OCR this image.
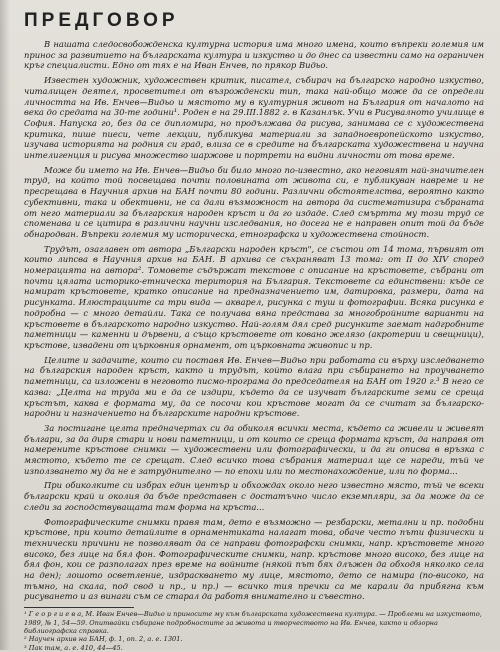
ПРЕДГОВОР

В нашата следосвобожденска културна история има много имена, които въпреки големия им принос за развитието на българската култура и изкуство и до днес са известни само на ограничен кръг специалисти. Едно от тях е на Иван Енчев, по прякор Видьо.

Известен художник, художествен критик, писател, събирач на българско народно изкуство, читалищен деятел, просветител от възрожденски тип, така най-общо може да се определи личността на Ив. Енчев—Видьо и мястото му в културния живот на България от началото на века до средата на 30-те години¹. Роден е на 29.III.1882 г. в Казанлък. Учи в Рисувалното училище в София. Напуска го, без да се дипломира, но продължава да рисува, занимава се с художествена критика, пише пиеси, чете лекции, публикува материали за западноевропейското изкуство, изучава историята на родния си град, влиза се в средите на българската художествена и научна интелигенция и рисува множество шаржове и портрети на видни личности от това време.

Може би името на Ив. Енчев—Видьо би било много по-известно, ако неговият най-значителен труд, на който той посвещава почти половината от живота си, е публикуван навреме и не пресрещава в Научния архив на БАН почти 80 години. Различни обстоятелства, вероятно както субективни, така и обективни, не са дали възможност на автора да систематизира събраната от него материали за българския народен кръст и да го издаде. След смъртта му този труд се споменава и се цитира в различни научни изследвания, но досега не е направен опит той да бъде обнародван. Въпреки големия му историческа, етнографска и художествена стойност.

Трудът, озаглавен от автора „Български народен кръст", се състои от 14 тома, първият от които липсва в Научния архив на БАН. В архива се съхраняват 13 тома: от II до XIV според номерацията на автора². Томовете съдържат текстове с описание на кръстовете, събрани от почти цялата историко-етническа територия на България. Текстовете са единствени: къде се намират кръстовете, кратко описание на предназначението им, датировка, размери, дата на рисунката. Илюстрациите са три вида — акварел, рисунка с туш и фотографии. Всяка рисунка е подробна — с много детайли. Така се получава вяна представа за многобройните варианти на кръстовете в българското народно изкуство. Най-голям дял сред рисунките заемат надгробните паметници — каменни и дървени, а също кръстовете от ковано желязо (акротерии и свещници), кръстове, извадени от църковния орнамент, от църковната живопис и пр.

Целите и задачите, които си поставя Ив. Енчев—Видьо при работата си върху изследването на българския народен кръст, както и трудът, който влага при събирането на проучването паметници, са изложени в неговото писмо-програма до председателя на БАН от 1920 г.³ В него се казва: „Целта на труда ми е да се издири, където да се изучват българските земи се среща кръстът, каква е формата му, да се посочи кои кръстове могат да се считат за българско-народни и назначението на българските народни кръстове.

За постигане целта предначертах си да обиколя всички места, където са живели и живеят българи, за да диря стари и нови паметници, и от които се среща формата кръст, да направя от намерените кръстове снимки — художествени или фотографически, и да ги описва в връзка с мястото, където те се срещат. След всичко това събрания материал ще се нареди, тъй че използването му да не е затруднително — по епохи или по местонахождение, или по форма...

При обиколките си избрах един център и обхождах около него известно място, тъй че всеки български край и околия да бъде представен с достатъчно число екземпляри, за да може да се следи за господствуващата там форма на кръста...

Фотографическите снимки правя там, дето е възможно — резбарски, метални и пр. подобни кръстове, при които детайлите в орнаментиката налагат това, обаче често пъти физически и технически причини не позволяват да се направи фотографски снимки, напр. кръстовете много високо, без лице на бял фон. Фотографическите снимки, напр. кръстове много високо, без лице на бял фон, кои се разполагах през време на войните (някой път бях длъжен да обходя няколко села на ден); лошото осветление, издраскването му лице, мястото, дето се намира (по-високо, на тъмно, на скала, под свод и пр., и пр.) — всичко тия пречки са ме карали да прибягна към рисуването и аз винаги съм се старал да работя внимателно и съвестно.

¹ Г е о р г и е в а, М. Иван Енчев—Видьо и приносите му към българската художествена култура. — Проблеми на изкуството, 1989, № 1, 54—59. Опитвайки събиране подробностите за живота и творчеството на Ив. Енчев, както и обзорна библиографска справка.
² Научен архив на БАН, ф. 1, оп. 2, а. е. 1301.
³ Пак там, а. е. 410, 44—45.
